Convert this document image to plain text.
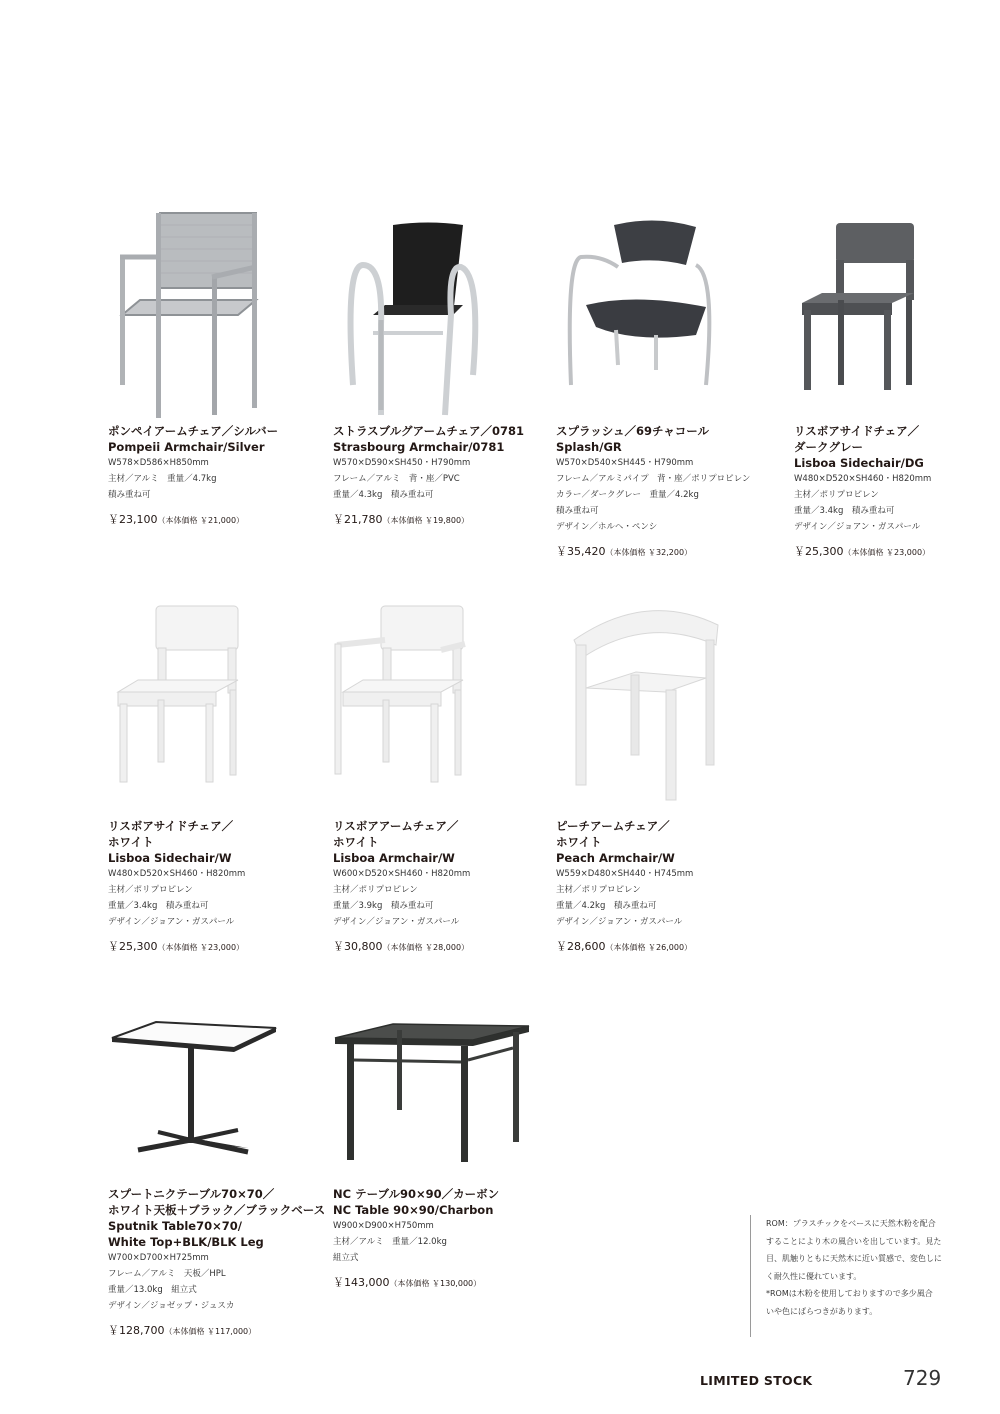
ポンペイアームチェア／シルバー
Pompeii Armchair/Silver
W578×D586×H850mm
主材／アルミ　重量／4.7kg
積み重ね可
￥23,100（本体価格 ￥21,000）
ストラスブルグアームチェア／0781
Strasbourg Armchair/0781
W570×D590×SH450・H790mm
フレーム／アルミ　背・座／PVC
重量／4.3kg　積み重ね可
￥21,780（本体価格 ￥19,800）
スプラッシュ／69チャコール
Splash/GR
W570×D540×SH445・H790mm
フレーム／アルミパイプ　背・座／ポリプロピレン
カラー／ダークグレー　重量／4.2kg
積み重ね可
デザイン／ホルヘ・ペンシ
￥35,420（本体価格 ￥32,200）
リスボアサイドチェア／
ダークグレー
Lisboa Sidechair/DG
W480×D520×SH460・H820mm
主材／ポリプロピレン
重量／3.4kg　積み重ね可
デザイン／ジョアン・ガスパール
￥25,300（本体価格 ￥23,000）
リスボアサイドチェア／
ホワイト
Lisboa Sidechair/W
W480×D520×SH460・H820mm
主材／ポリプロピレン
重量／3.4kg　積み重ね可
デザイン／ジョアン・ガスパール
￥25,300（本体価格 ￥23,000）
リスボアアームチェア／
ホワイト
Lisboa Armchair/W
W600×D520×SH460・H820mm
主材／ポリプロピレン
重量／3.9kg　積み重ね可
デザイン／ジョアン・ガスパール
￥30,800（本体価格 ￥28,000）
ピーチアームチェア／
ホワイト
Peach Armchair/W
W559×D480×SH440・H745mm
主材／ポリプロピレン
重量／4.2kg　積み重ね可
デザイン／ジョアン・ガスパール
￥28,600（本体価格 ￥26,000）
スプートニクテーブル70×70／
ホワイト天板＋ブラック／ブラックベース
Sputnik Table70×70/
White Top+BLK/BLK Leg
W700×D700×H725mm
フレーム／アルミ　天板／HPL
重量／13.0kg　組立式
デザイン／ジョゼップ・ジュスカ
￥128,700（本体価格 ￥117,000）
NC テーブル90×90／カーボン
NC Table 90×90/Charbon
W900×D900×H750mm
主材／アルミ　重量／12.0kg
組立式
￥143,000（本体価格 ￥130,000）
ROM：プラスチックをベースに天然木粉を配合
することにより木の風合いを出しています。見た
目、肌触りともに天然木に近い質感で、変色しに
く耐久性に優れています。
*ROMは木粉を使用しておりますので多少風合
いや色にばらつきがあります。
LIMITED STOCK	729
